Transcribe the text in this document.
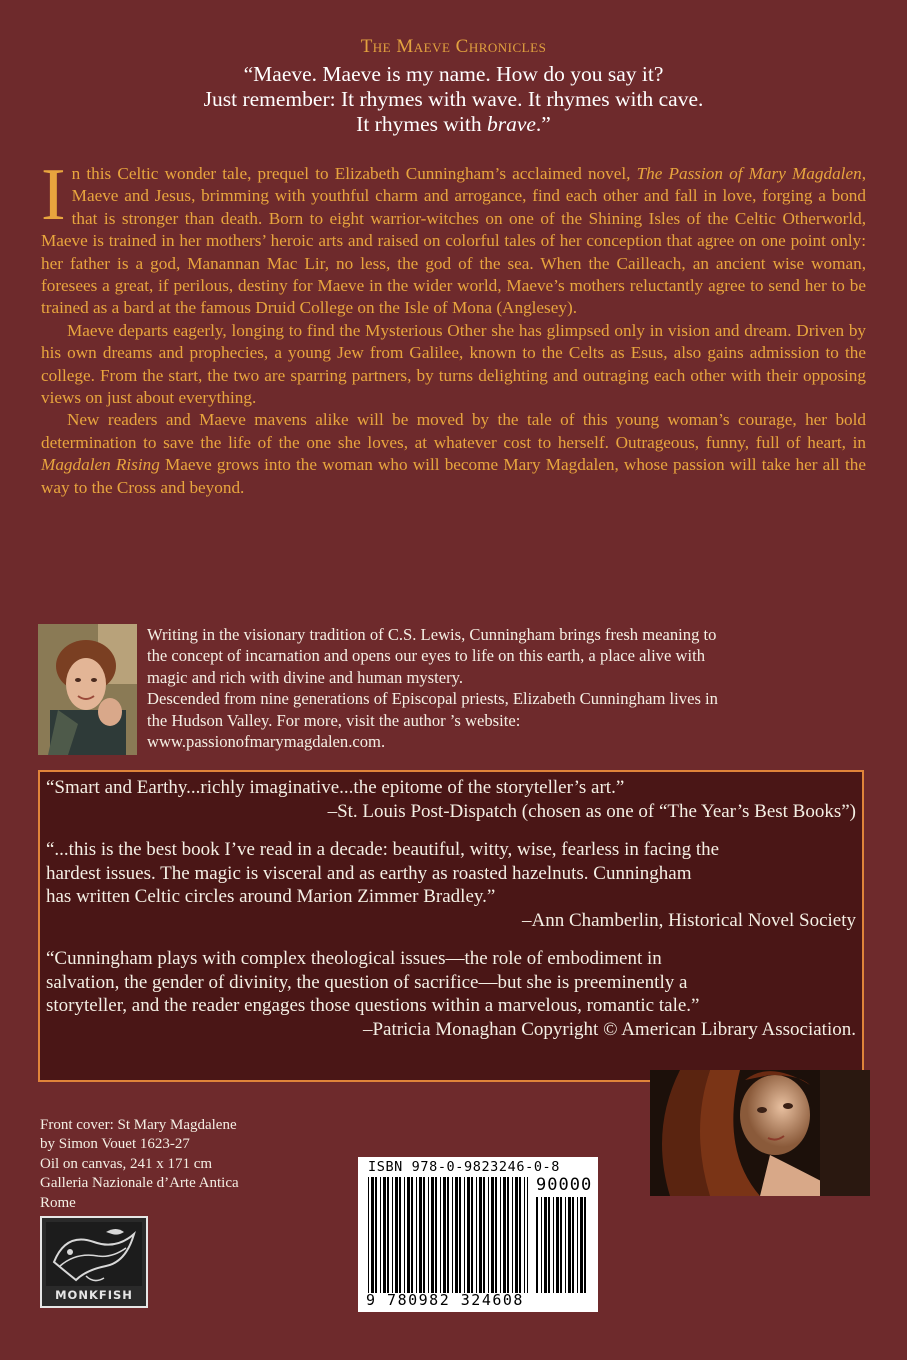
The Maeve Chronicles
“Maeve. Maeve is my name. How do you say it?
Just remember: It rhymes with wave. It rhymes with cave.
It rhymes with brave.”

In this Celtic wonder tale, prequel to Elizabeth Cunningham’s acclaimed novel, The Passion of Mary Magdalen, Maeve and Jesus, brimming with youthful charm and arrogance, find each other and fall in love, forging a bond that is stronger than death. Born to eight warrior-witches on one of the Shining Isles of the Celtic Otherworld, Maeve is trained in her mothers’ heroic arts and raised on colorful tales of her conception that agree on one point only: her father is a god, Manannan Mac Lir, no less, the god of the sea. When the Cailleach, an ancient wise woman, foresees a great, if perilous, destiny for Maeve in the wider world, Maeve’s mothers reluctantly agree to send her to be trained as a bard at the famous Druid College on the Isle of Mona (Anglesey).

Maeve departs eagerly, longing to find the Mysterious Other she has glimpsed only in vision and dream. Driven by his own dreams and prophecies, a young Jew from Galilee, known to the Celts as Esus, also gains admission to the college. From the start, the two are sparring partners, by turns delighting and outraging each other with their opposing views on just about everything.

New readers and Maeve mavens alike will be moved by the tale of this young woman’s courage, her bold determination to save the life of the one she loves, at whatever cost to herself. Outrageous, funny, full of heart, in Magdalen Rising Maeve grows into the woman who will become Mary Magdalen, whose passion will take her all the way to the Cross and beyond.

Writing in the visionary tradition of C.S. Lewis, Cunningham brings fresh meaning to
the concept of incarnation and opens our eyes to life on this earth, a place alive with
magic and rich with divine and human mystery.
Descended from nine generations of Episcopal priests, Elizabeth Cunningham lives in
the Hudson Valley. For more, visit the author ’s website:
www.passionofmarymagdalen.com.
“Smart and Earthy...richly imaginative...the epitome of the storyteller’s art.”
–St. Louis Post-Dispatch (chosen as one of “The Year’s Best Books”)
“...this is the best book I’ve read in a decade: beautiful, witty, wise, fearless in facing the
hardest issues. The magic is visceral and as earthy as roasted hazelnuts. Cunningham
has written Celtic circles around Marion Zimmer Bradley.”
–Ann Chamberlin, Historical Novel Society
“Cunningham plays with complex theological issues—the role of embodiment in
salvation, the gender of divinity, the question of sacrifice—but she is preeminently a
storyteller, and the reader engages those questions within a marvelous, romantic tale.”
–Patricia Monaghan Copyright © American Library Association.
Front cover: St Mary Magdalene
by Simon Vouet 1623-27
Oil on canvas, 241 x 171 cm
Galleria Nazionale d’Arte Antica
Rome
ISBN 978-0-9823246-0-8
90000
9 780982 324608
MONKFISH
